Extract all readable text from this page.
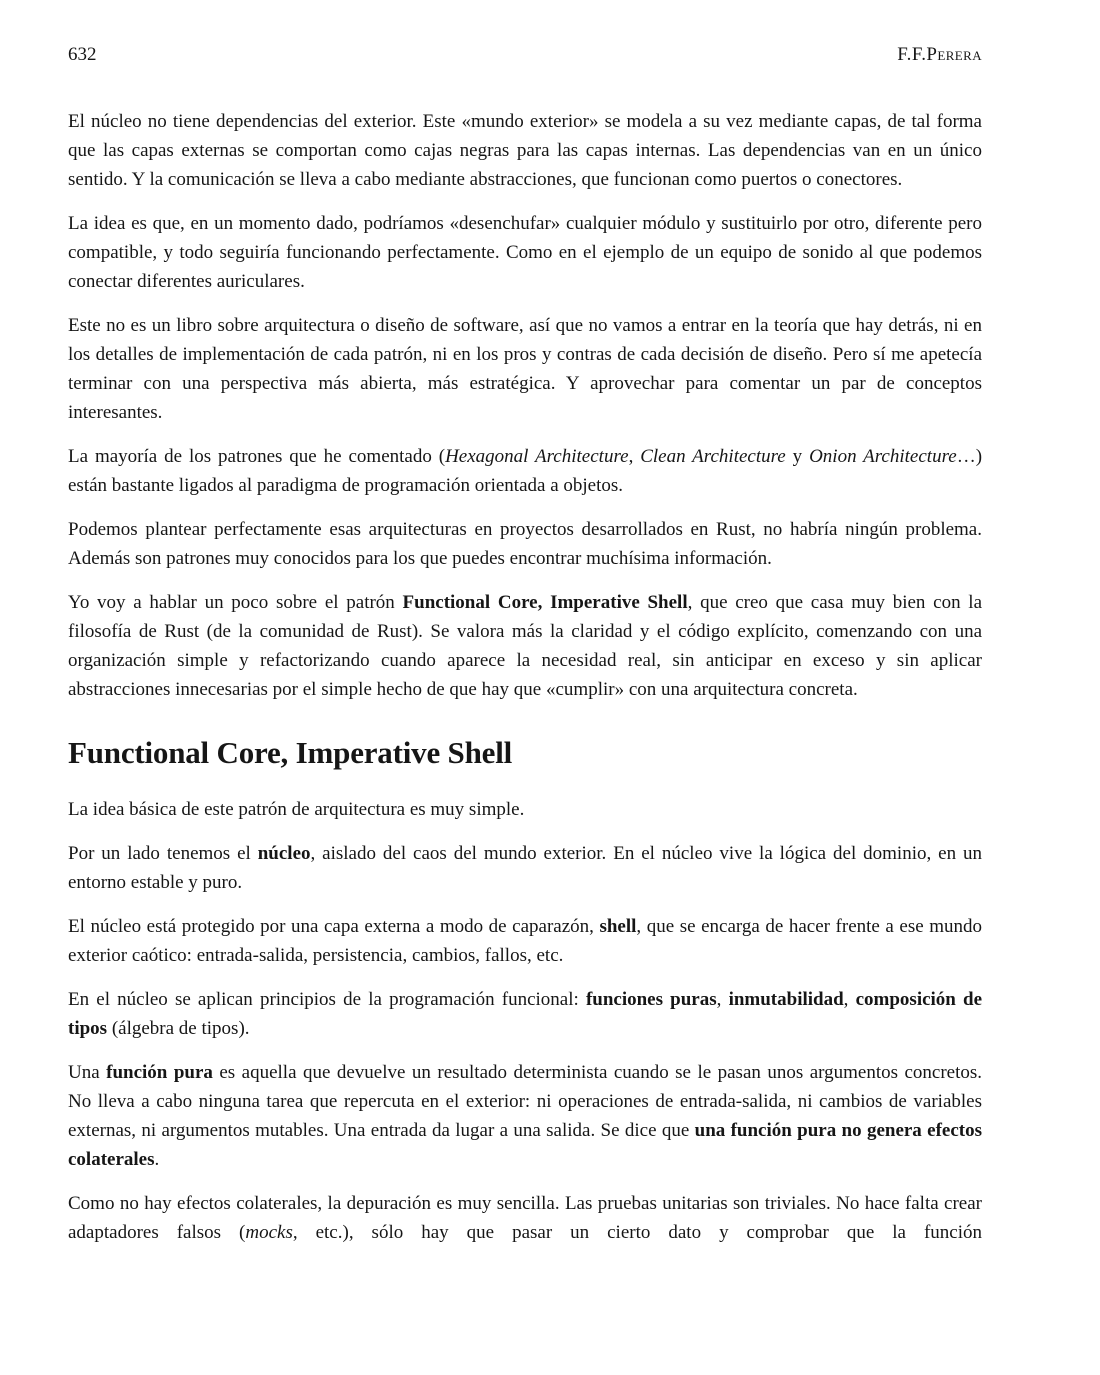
632	F.F.Perera

El núcleo no tiene dependencias del exterior. Este «mundo exterior» se modela a su vez mediante capas, de tal forma que las capas externas se comportan como cajas negras para las capas internas. Las dependencias van en un único sentido. Y la comunicación se lleva a cabo mediante abstracciones, que funcionan como puertos o conectores.

La idea es que, en un momento dado, podríamos «desenchufar» cualquier módulo y sustituirlo por otro, diferente pero compatible, y todo seguiría funcionando perfectamente. Como en el ejemplo de un equipo de sonido al que podemos conectar diferentes auriculares.

Este no es un libro sobre arquitectura o diseño de software, así que no vamos a entrar en la teoría que hay detrás, ni en los detalles de implementación de cada patrón, ni en los pros y contras de cada decisión de diseño. Pero sí me apetecía terminar con una perspectiva más abierta, más estratégica. Y aprovechar para comentar un par de conceptos interesantes.

La mayoría de los patrones que he comentado (Hexagonal Architecture, Clean Architecture y Onion Architecture…) están bastante ligados al paradigma de programación orientada a objetos.

Podemos plantear perfectamente esas arquitecturas en proyectos desarrollados en Rust, no habría ningún problema. Además son patrones muy conocidos para los que puedes encontrar muchísima información.

Yo voy a hablar un poco sobre el patrón Functional Core, Imperative Shell, que creo que casa muy bien con la filosofía de Rust (de la comunidad de Rust). Se valora más la claridad y el código explícito, comenzando con una organización simple y refactorizando cuando aparece la necesidad real, sin anticipar en exceso y sin aplicar abstracciones innecesarias por el simple hecho de que hay que «cumplir» con una arquitectura concreta.

Functional Core, Imperative Shell

La idea básica de este patrón de arquitectura es muy simple.

Por un lado tenemos el núcleo, aislado del caos del mundo exterior. En el núcleo vive la lógica del dominio, en un entorno estable y puro.

El núcleo está protegido por una capa externa a modo de caparazón, shell, que se encarga de hacer frente a ese mundo exterior caótico: entrada-salida, persistencia, cambios, fallos, etc.

En el núcleo se aplican principios de la programación funcional: funciones puras, inmutabilidad, composición de tipos (álgebra de tipos).

Una función pura es aquella que devuelve un resultado determinista cuando se le pasan unos argumentos concretos. No lleva a cabo ninguna tarea que repercuta en el exterior: ni operaciones de entrada-salida, ni cambios de variables externas, ni argumentos mutables. Una entrada da lugar a una salida. Se dice que una función pura no genera efectos colaterales.

Como no hay efectos colaterales, la depuración es muy sencilla. Las pruebas unitarias son triviales. No hace falta crear adaptadores falsos (mocks, etc.), sólo hay que pasar un cierto dato y comprobar que la función
